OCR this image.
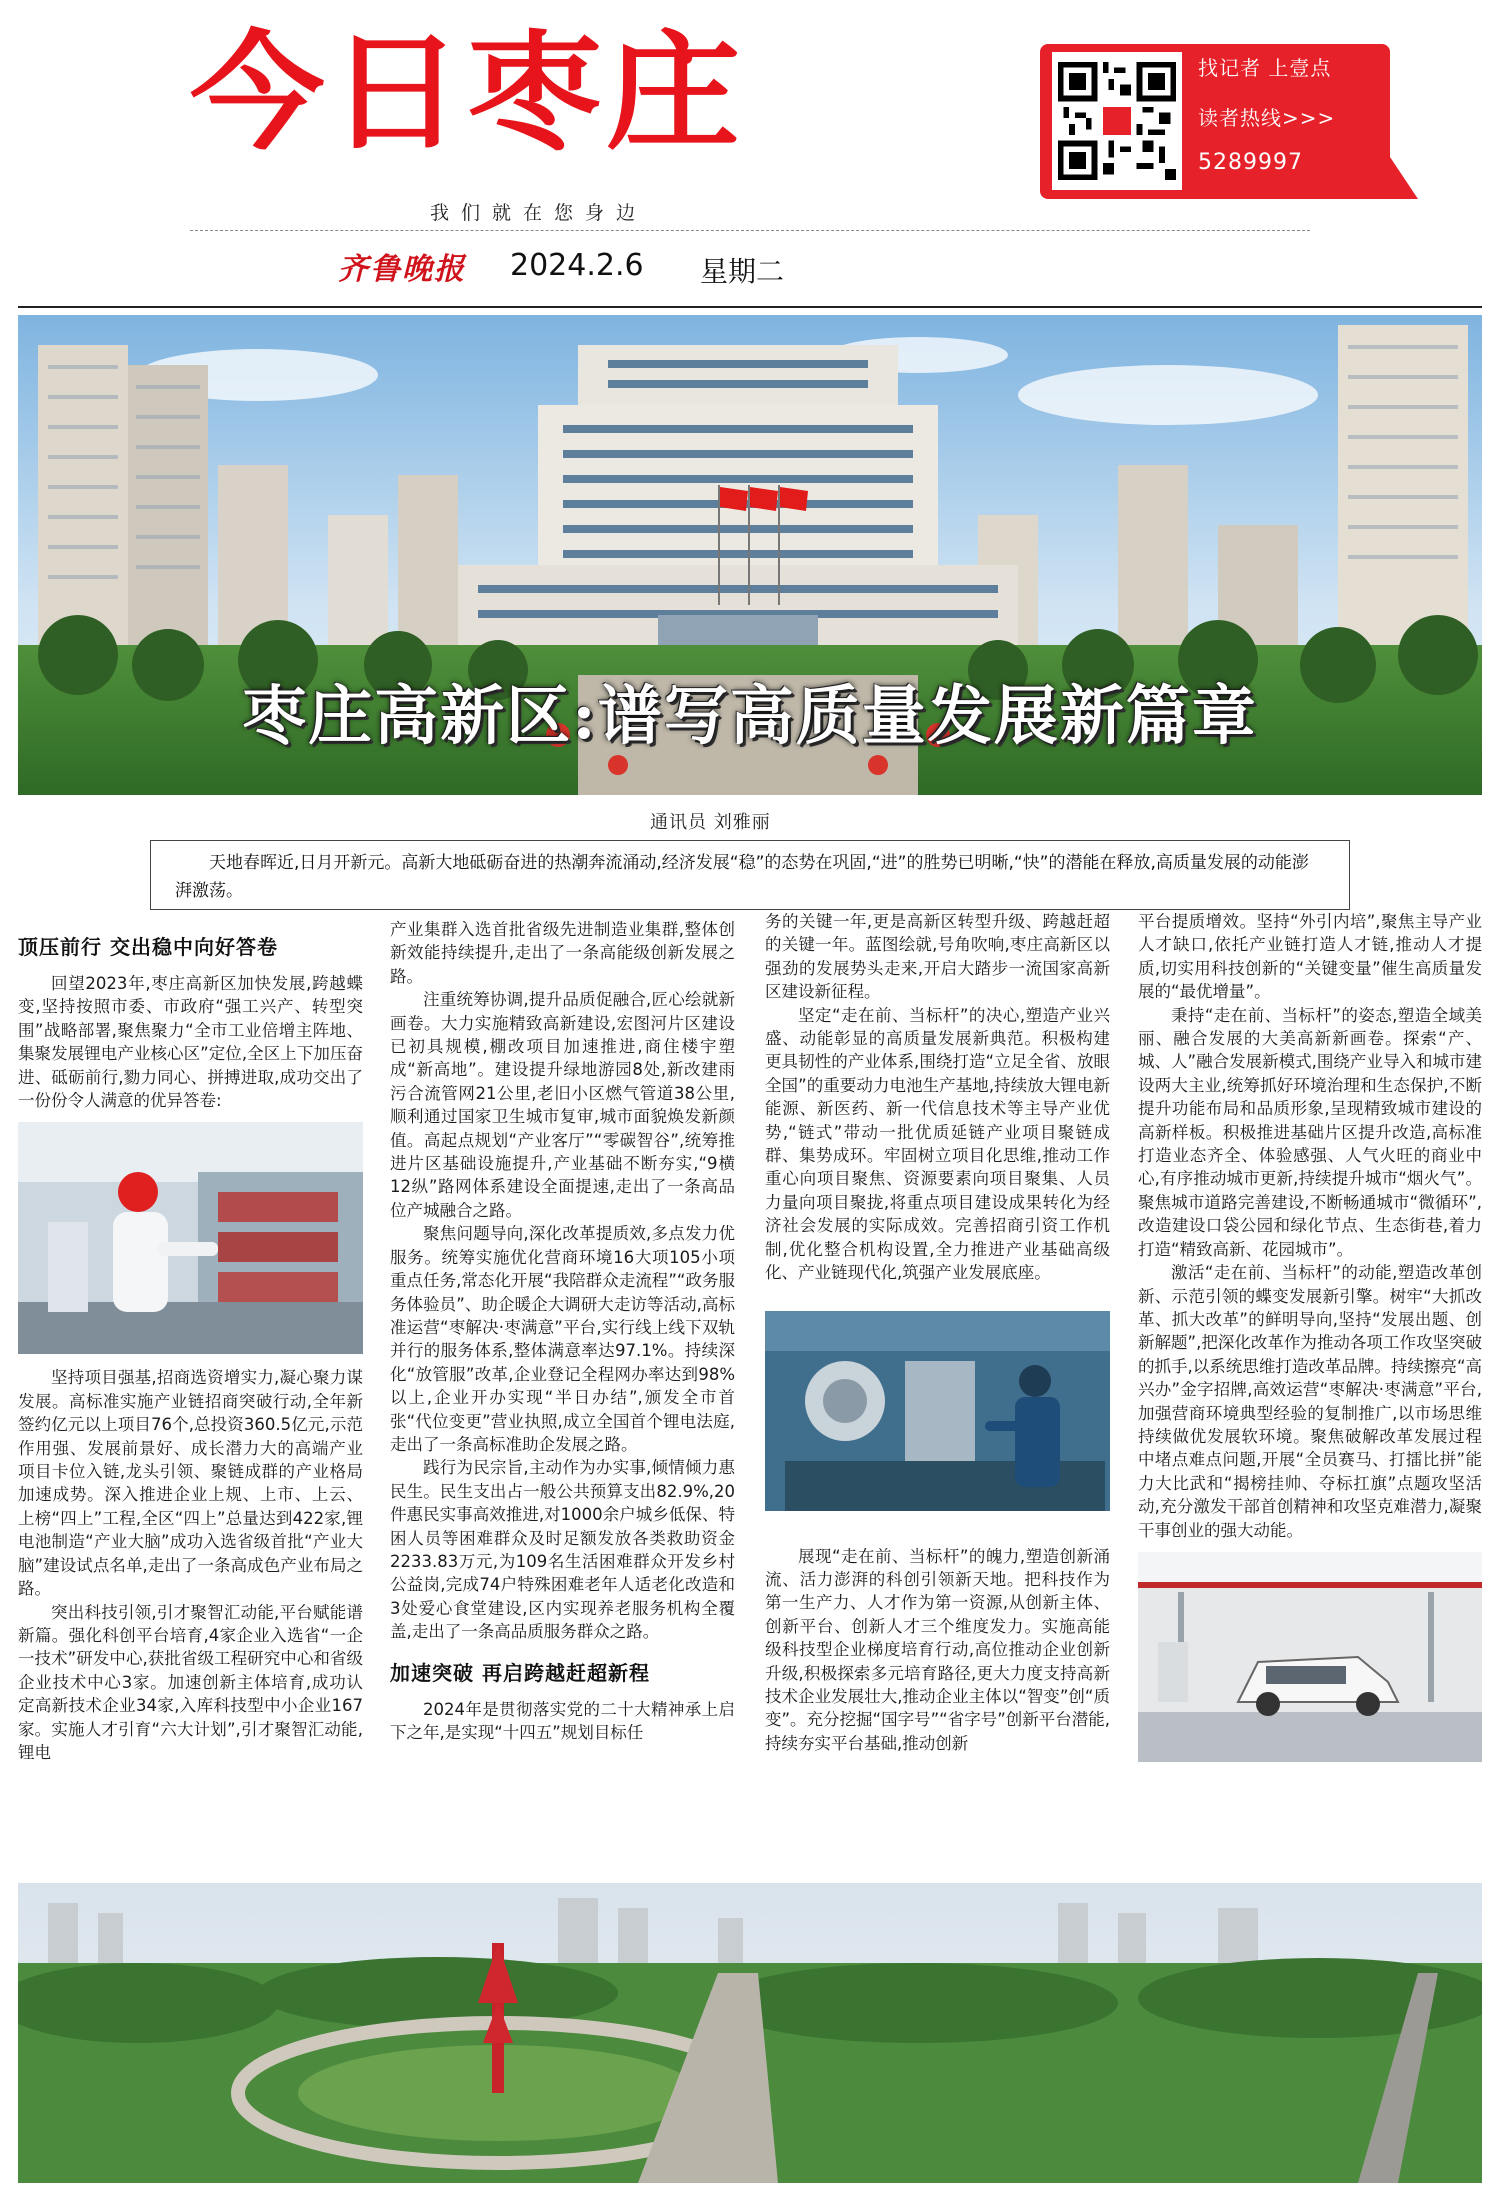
今日枣庄
我们就在您身边
齐鲁晚报 2024.2.6 星期二
找记者 上壹点
读者热线>>>
5289997
枣庄高新区:谱写高质量发展新篇章
通讯员 刘雅丽
天地春晖近,日月开新元。高新大地砥砺奋进的热潮奔流涌动,经济发展“稳”的态势在巩固,“进”的胜势已明晰,“快”的潜能在释放,高质量发展的动能澎湃激荡。
顶压前行 交出稳中向好答卷

回望2023年,枣庄高新区加快发展,跨越蝶变,坚持按照市委、市政府“强工兴产、转型突围”战略部署,聚焦聚力“全市工业倍增主阵地、集聚发展锂电产业核心区”定位,全区上下加压奋进、砥砺前行,勠力同心、拼搏进取,成功交出了一份份令人满意的优异答卷:

坚持项目强基,招商选资增实力,凝心聚力谋发展。高标准实施产业链招商突破行动,全年新签约亿元以上项目76个,总投资360.5亿元,示范作用强、发展前景好、成长潜力大的高端产业项目卡位入链,龙头引领、聚链成群的产业格局加速成势。深入推进企业上规、上市、上云、上榜“四上”工程,全区“四上”总量达到422家,锂电池制造“产业大脑”成功入选省级首批“产业大脑”建设试点名单,走出了一条高成色产业布局之路。

突出科技引领,引才聚智汇动能,平台赋能谱新篇。强化科创平台培育,4家企业入选省“一企一技术”研发中心,获批省级工程研究中心和省级企业技术中心3家。加速创新主体培育,成功认定高新技术企业34家,入库科技型中小企业167家。实施人才引育“六大计划”,引才聚智汇动能,锂电

产业集群入选首批省级先进制造业集群,整体创新效能持续提升,走出了一条高能级创新发展之路。

注重统筹协调,提升品质促融合,匠心绘就新画卷。大力实施精致高新建设,宏图河片区建设已初具规模,棚改项目加速推进,商住楼宇塑成“新高地”。建设提升绿地游园8处,新改建雨污合流管网21公里,老旧小区燃气管道38公里,顺利通过国家卫生城市复审,城市面貌焕发新颜值。高起点规划“产业客厅”“零碳智谷”,统筹推进片区基础设施提升,产业基础不断夯实,“9横12纵”路网体系建设全面提速,走出了一条高品位产城融合之路。

聚焦问题导向,深化改革提质效,多点发力优服务。统筹实施优化营商环境16大项105小项重点任务,常态化开展“我陪群众走流程”“政务服务体验员”、助企暖企大调研大走访等活动,高标准运营“枣解决·枣满意”平台,实行线上线下双轨并行的服务体系,整体满意率达97.1%。持续深化“放管服”改革,企业登记全程网办率达到98%以上,企业开办实现“半日办结”,颁发全市首张“代位变更”营业执照,成立全国首个锂电法庭,走出了一条高标准助企发展之路。

践行为民宗旨,主动作为办实事,倾情倾力惠民生。民生支出占一般公共预算支出82.9%,20件惠民实事高效推进,对1000余户城乡低保、特困人员等困难群众及时足额发放各类救助资金2233.83万元,为109名生活困难群众开发乡村公益岗,完成74户特殊困难老年人适老化改造和3处爱心食堂建设,区内实现养老服务机构全覆盖,走出了一条高品质服务群众之路。

加速突破 再启跨越赶超新程

2024年是贯彻落实党的二十大精神承上启下之年,是实现“十四五”规划目标任

务的关键一年,更是高新区转型升级、跨越赶超的关键一年。蓝图绘就,号角吹响,枣庄高新区以强劲的发展势头走来,开启大踏步一流国家高新区建设新征程。

坚定“走在前、当标杆”的决心,塑造产业兴盛、动能彰显的高质量发展新典范。积极构建更具韧性的产业体系,围绕打造“立足全省、放眼全国”的重要动力电池生产基地,持续放大锂电新能源、新医药、新一代信息技术等主导产业优势,“链式”带动一批优质延链产业项目聚链成群、集势成环。牢固树立项目化思维,推动工作重心向项目聚焦、资源要素向项目聚集、人员力量向项目聚拢,将重点项目建设成果转化为经济社会发展的实际成效。完善招商引资工作机制,优化整合机构设置,全力推进产业基础高级化、产业链现代化,筑强产业发展底座。

展现“走在前、当标杆”的魄力,塑造创新涌流、活力澎湃的科创引领新天地。把科技作为第一生产力、人才作为第一资源,从创新主体、创新平台、创新人才三个维度发力。实施高能级科技型企业梯度培育行动,高位推动企业创新升级,积极探索多元培育路径,更大力度支持高新技术企业发展壮大,推动企业主体以“智变”创“质变”。充分挖掘“国字号”“省字号”创新平台潜能,持续夯实平台基础,推动创新

平台提质增效。坚持“外引内培”,聚焦主导产业人才缺口,依托产业链打造人才链,推动人才提质,切实用科技创新的“关键变量”催生高质量发展的“最优增量”。

秉持“走在前、当标杆”的姿态,塑造全域美丽、融合发展的大美高新新画卷。探索“产、城、人”融合发展新模式,围绕产业导入和城市建设两大主业,统筹抓好环境治理和生态保护,不断提升功能布局和品质形象,呈现精致城市建设的高新样板。积极推进基础片区提升改造,高标准打造业态齐全、体验感强、人气火旺的商业中心,有序推动城市更新,持续提升城市“烟火气”。聚焦城市道路完善建设,不断畅通城市“微循环”,改造建设口袋公园和绿化节点、生态街巷,着力打造“精致高新、花园城市”。

激活“走在前、当标杆”的动能,塑造改革创新、示范引领的蝶变发展新引擎。树牢“大抓改革、抓大改革”的鲜明导向,坚持“发展出题、创新解题”,把深化改革作为推动各项工作攻坚突破的抓手,以系统思维打造改革品牌。持续擦亮“高兴办”金字招牌,高效运营“枣解决·枣满意”平台,加强营商环境典型经验的复制推广,以市场思维持续做优发展软环境。聚焦破解改革发展过程中堵点难点问题,开展“全员赛马、打擂比拼”能力大比武和“揭榜挂帅、夺标扛旗”点题攻坚活动,充分激发干部首创精神和攻坚克难潜力,凝聚干事创业的强大动能。
